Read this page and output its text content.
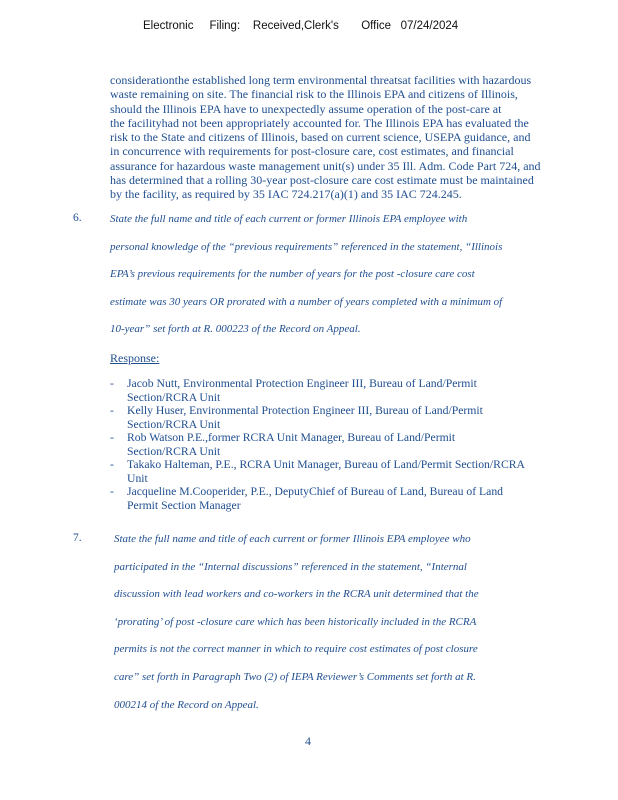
Electronic     Filing:    Received,Clerk's       Office   07/24/2024
considerationthe established long term environmental threatsat facilities with hazardous
waste remaining on site. The financial risk to the Illinois EPA and citizens of Illinois,
should the Illinois EPA have to unexpectedly assume operation of the post-care at
the facilityhad not been appropriately accounted for. The Illinois EPA has evaluated the
risk to the State and citizens of Illinois, based on current science, USEPA guidance, and
in concurrence with requirements for post-closure care, cost estimates, and financial
assurance for hazardous waste management unit(s) under 35 Ill. Adm. Code Part 724, and
has determined that a rolling 30-year post-closure care cost estimate must be maintained
by the facility, as required by 35 IAC 724.217(a)(1) and 35 IAC 724.245.
6.	State the full name and title of each current or former Illinois EPA employee with
personal knowledge of the “previous requirements” referenced in the statement, “Illinois
EPA’s previous requirements for the number of years for the post -closure care cost
estimate was 30 years OR prorated with a number of years completed with a minimum of
10-year” set forth at R. 000223 of the Record on Appeal.
Response:
- Jacob Nutt, Environmental Protection Engineer III, Bureau of Land/Permit
Section/RCRA Unit
- Kelly Huser, Environmental Protection Engineer III, Bureau of Land/Permit
Section/RCRA Unit
- Rob Watson P.E.,former RCRA Unit Manager, Bureau of Land/Permit
Section/RCRA Unit
- Takako Halteman, P.E., RCRA Unit Manager, Bureau of Land/Permit Section/RCRA
Unit
- Jacqueline M.Cooperider, P.E., DeputyChief of Bureau of Land, Bureau of Land
Permit Section Manager
7.	State the full name and title of each current or former Illinois EPA employee who
participated in the “Internal discussions” referenced in the statement, “Internal
discussion with lead workers and co-workers in the RCRA unit determined that the
‘prorating’ of post -closure care which has been historically included in the RCRA
permits is not the correct manner in which to require cost estimates of post closure
care” set forth in Paragraph Two (2) of IEPA Reviewer’s Comments set forth at R.
000214 of the Record on Appeal.
4
